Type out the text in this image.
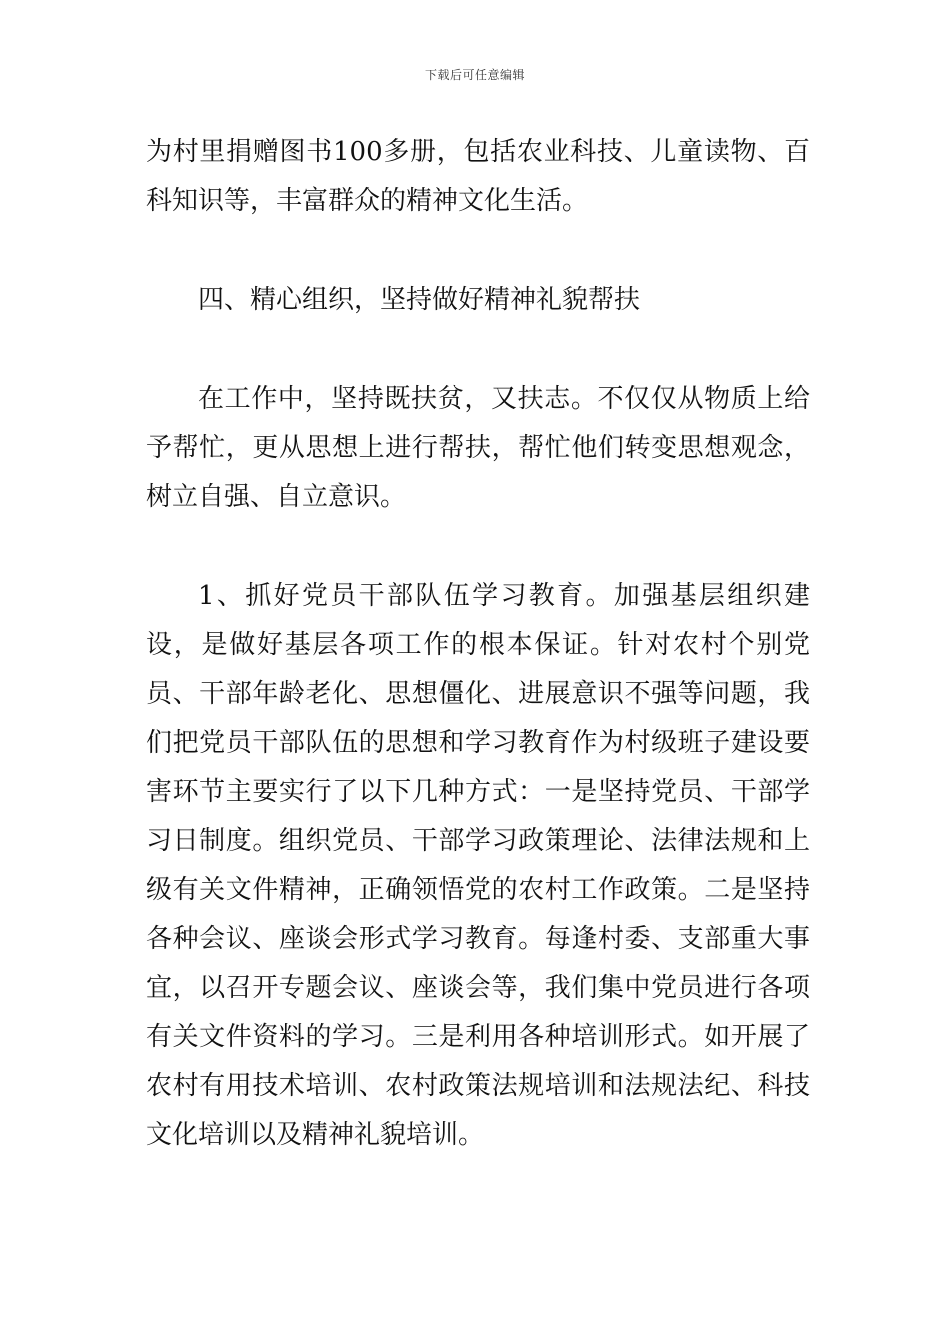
下载后可任意编辑

为村里捐赠图书100多册，包括农业科技、儿童读物、百科知识等，丰富群众的精神文化生活。

四、精心组织，坚持做好精神礼貌帮扶

在工作中，坚持既扶贫，又扶志。不仅仅从物质上给予帮忙，更从思想上进行帮扶，帮忙他们转变思想观念，树立自强、自立意识。

1、抓好党员干部队伍学习教育。加强基层组织建设，是做好基层各项工作的根本保证。针对农村个别党员、干部年龄老化、思想僵化、进展意识不强等问题，我们把党员干部队伍的思想和学习教育作为村级班子建设要害环节主要实行了以下几种方式：一是坚持党员、干部学习日制度。组织党员、干部学习政策理论、法律法规和上级有关文件精神，正确领悟党的农村工作政策。二是坚持各种会议、座谈会形式学习教育。每逢村委、支部重大事宜，以召开专题会议、座谈会等，我们集中党员进行各项有关文件资料的学习。三是利用各种培训形式。如开展了农村有用技术培训、农村政策法规培训和法规法纪、科技文化培训以及精神礼貌培训。
